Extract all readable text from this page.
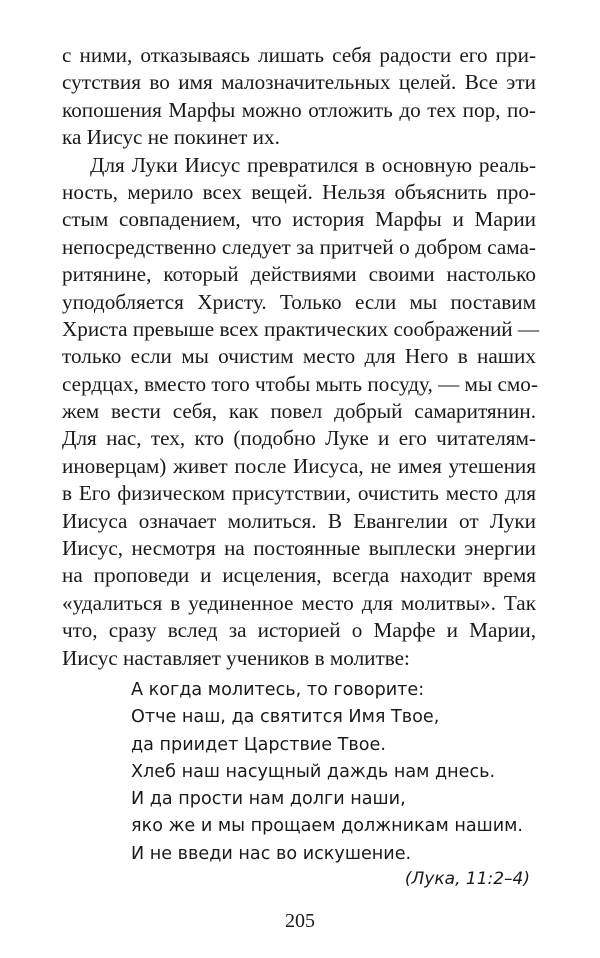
с ними, отказываясь лишать себя радости его при-
сутствия во имя малозначительных целей. Все эти
копошения Марфы можно отложить до тех пор, по-
ка Иисус не покинет их.
Для Луки Иисус превратился в основную реаль-
ность, мерило всех вещей. Нельзя объяснить про-
стым совпадением, что история Марфы и Марии
непосредственно следует за притчей о добром сама-
ритянине, который действиями своими настолько
уподобляется Христу. Только если мы поставим
Христа превыше всех практических соображений —
только если мы очистим место для Него в наших
сердцах, вместо того чтобы мыть посуду, — мы смо-
жем вести себя, как повел добрый самаритянин.
Для нас, тех, кто (подобно Луке и его читателям-
иноверцам) живет после Иисуса, не имея утешения
в Его физическом присутствии, очистить место для
Иисуса означает молиться. В Евангелии от Луки
Иисус, несмотря на постоянные выплески энергии
на проповеди и исцеления, всегда находит время
«удалиться в уединенное место для молитвы». Так
что, сразу вслед за историей о Марфе и Марии,
Иисус наставляет учеников в молитве:
А когда молитесь, то говорите:
Отче наш, да святится Имя Твое,
да приидет Царствие Твое.
Хлеб наш насущный даждь нам днесь.
И да прости нам долги наши,
яко же и мы прощаем должникам нашим.
И не введи нас во искушение.
(Лука, 11:2–4)
205
